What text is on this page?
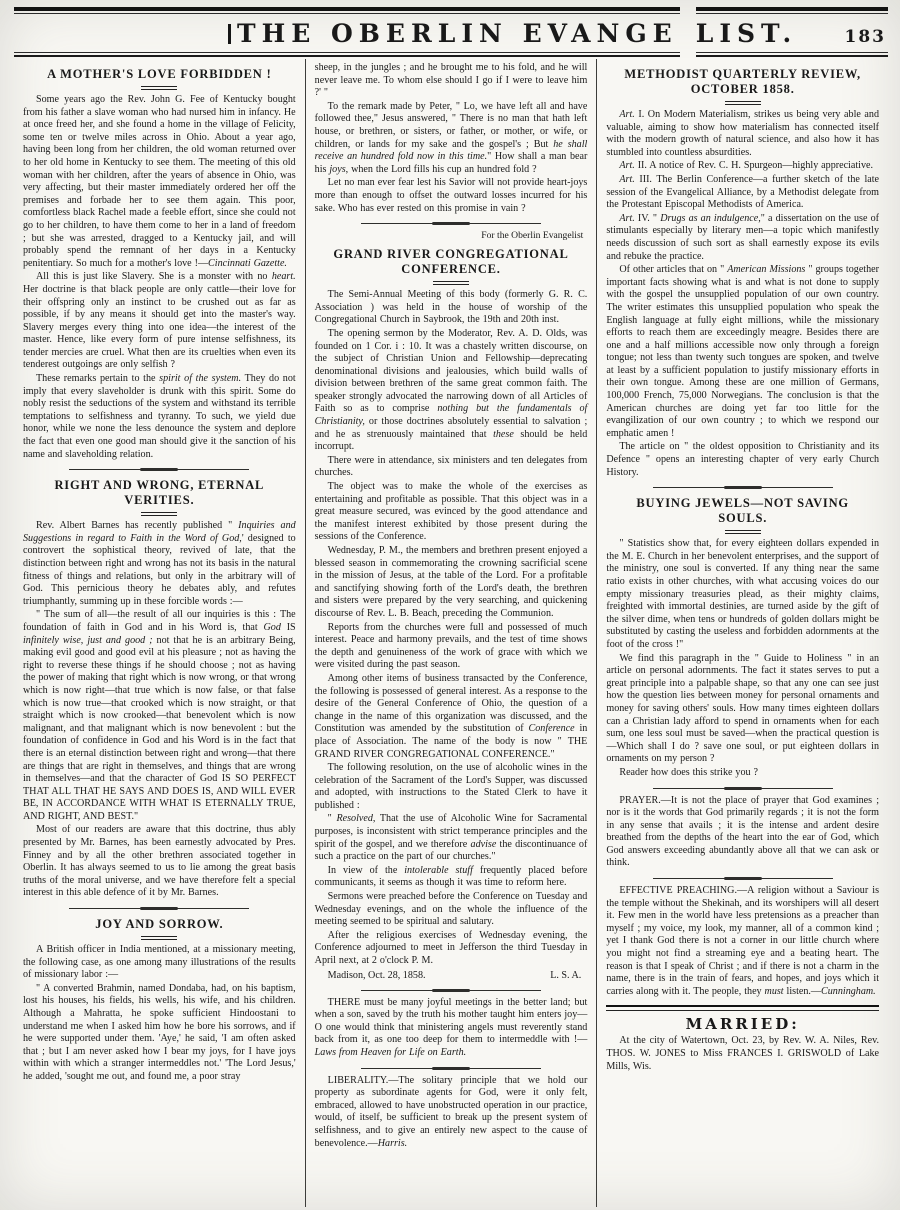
THE OBERLIN EVANGE LIST.	183
A MOTHER'S LOVE FORBIDDEN !

Some years ago the Rev. John G. Fee of Kentucky bought from his father a slave woman who had nursed him in infancy. He at once freed her, and she found a home in the village of Felicity, some ten or twelve miles across in Ohio. About a year ago, having been long from her children, the old woman returned over to her old home in Kentucky to see them. The meeting of this old woman with her children, after the years of absence in Ohio, was very affecting, but their master immediately ordered her off the premises and forbade her to see them again. This poor, comfortless black Rachel made a feeble effort, since she could not go to her children, to have them come to her in a land of freedom ; but she was arrested, dragged to a Kentucky jail, and will probably spend the remnant of her days in a Kentucky penitentiary. So much for a mother's love !—Cincinnati Gazette.

All this is just like Slavery. She is a monster with no heart. Her doctrine is that black people are only cattle—their love for their offspring only an instinct to be crushed out as far as possible, if by any means it should get into the master's way. Slavery merges every thing into one idea—the interest of the master. Hence, like every form of pure intense selfishness, its tender mercies are cruel. What then are its cruelties when even its tenderest outgoings are only selfish ?

These remarks pertain to the spirit of the system. They do not imply that every slaveholder is drunk with this spirit. Some do nobly resist the seductions of the system and withstand its terrible temptations to selfishness and tyranny. To such, we yield due honor, while we none the less denounce the system and deplore the fact that even one good man should give it the sanction of his name and slaveholding relation.

RIGHT AND WRONG, ETERNAL VERITIES.

Rev. Albert Barnes has recently published " Inquiries and Suggestions in regard to Faith in the Word of God,' designed to controvert the sophistical theory, revived of late, that the distinction between right and wrong has not its basis in the natural fitness of things and relations, but only in the arbitrary will of God. This pernicious theory he debates ably, and refutes triumphantly, summing up in these forcible words :—

" The sum of all—the result of all our inquiries is this : The foundation of faith in God and in his Word is, that God IS infinitely wise, just and good ; not that he is an arbitrary Being, making evil good and good evil at his pleasure ; not as having the right to reverse these things if he should choose ; not as having the power of making that right which is now wrong, or that wrong which is now right—that true which is now false, or that false which is now true—that crooked which is now straight, or that straight which is now crooked—that benevolent which is now malignant, and that malignant which is now benevolent : but the foundation of confidence in God and his Word is in the fact that there is an eternal distinction between right and wrong—that there are things that are right in themselves, and things that are wrong in themselves—and that the character of God IS SO PERFECT THAT ALL THAT HE SAYS AND DOES IS, AND WILL EVER BE, IN ACCORDANCE WITH WHAT IS ETERNALLY TRUE, AND RIGHT, AND BEST."

Most of our readers are aware that this doctrine, thus ably presented by Mr. Barnes, has been earnestly advocated by Pres. Finney and by all the other brethren associated together in Oberlin. It has always seemed to us to lie among the great basis truths of the moral universe, and we have therefore felt a special interest in this able defence of it by Mr. Barnes.

JOY AND SORROW.

A British officer in India mentioned, at a missionary meeting, the following case, as one among many illustrations of the results of missionary labor :—

" A converted Brahmin, named Dondaba, had, on his baptism, lost his houses, his fields, his wells, his wife, and his children. Although a Mahratta, he spoke sufficient Hindoostani to understand me when I asked him how he bore his sorrows, and if he were supported under them. 'Aye,' he said, 'I am often asked that ; but I am never asked how I bear my joys, for I have joys within with which a stranger intermeddles not.' 'The Lord Jesus,' he added, 'sought me out, and found me, a poor stray

sheep, in the jungles ; and he brought me to his fold, and he will never leave me. To whom else should I go if I were to leave him ?' "

To the remark made by Peter, " Lo, we have left all and have followed thee," Jesus answered, " There is no man that hath left house, or brethren, or sisters, or father, or mother, or wife, or children, or lands for my sake and the gospel's ; But he shall receive an hundred fold now in this time." How shall a man bear his joys, when the Lord fills his cup an hundred fold ?

Let no man ever fear lest his Savior will not provide heart-joys more than enough to offset the outward losses incurred for his sake. Who has ever rested on this promise in vain ?

For the Oberlin Evangelist
GRAND RIVER CONGREGATIONAL CONFERENCE.

The Semi-Annual Meeting of this body (formerly G. R. C. Association ) was held in the house of worship of the Congregational Church in Saybrook, the 19th and 20th inst.

The opening sermon by the Moderator, Rev. A. D. Olds, was founded on 1 Cor. i : 10. It was a chastely written discourse, on the subject of Christian Union and Fellowship—deprecating denominational divisions and jealousies, which build walls of division between brethren of the same great common faith. The speaker strongly advocated the narrowing down of all Articles of Faith so as to comprise nothing but the fundamentals of Christianity, or those doctrines absolutely essential to salvation ; and he as strenuously maintained that these should be held incorrupt.

There were in attendance, six ministers and ten delegates from churches.

The object was to make the whole of the exercises as entertaining and profitable as possible. That this object was in a great measure secured, was evinced by the good attendance and the manifest interest exhibited by those present during the sessions of the Conference.

Wednesday, P. M., the members and brethren present enjoyed a blessed season in commemorating the crowning sacrificial scene in the mission of Jesus, at the table of the Lord. For a profitable and sanctifying showing forth of the Lord's death, the brethren and sisters were prepared by the very searching, and quickening discourse of Rev. L. B. Beach, preceding the Communion.

Reports from the churches were full and possessed of much interest. Peace and harmony prevails, and the test of time shows the depth and genuineness of the work of grace with which we were visited during the past season.

Among other items of business transacted by the Conference, the following is possessed of general interest. As a response to the desire of the General Conference of Ohio, the question of a change in the name of this organization was discussed, and the Constitution was amended by the substitution of Conference in place of Association. The name of the body is now " THE GRAND RIVER CONGREGATIONAL CONFERENCE."

The following resolution, on the use of alcoholic wines in the celebration of the Sacrament of the Lord's Supper, was discussed and adopted, with instructions to the Stated Clerk to have it published :

" Resolved, That the use of Alcoholic Wine for Sacramental purposes, is inconsistent with strict temperance principles and the spirit of the gospel, and we therefore advise the discontinuance of such a practice on the part of our churches."

In view of the intolerable stuff frequently placed before communicants, it seems as though it was time to reform here.

Sermons were preached before the Conference on Tuesday and Wednesday evenings, and on the whole the influence of the meeting seemed to be spiritual and salutary.

After the religious exercises of Wednesday evening, the Conference adjourned to meet in Jefferson the third Tuesday in April next, at 2 o'clock P. M.

Madison, Oct. 28, 1858.	L. S. A.

THERE must be many joyful meetings in the better land; but when a son, saved by the truth his mother taught him enters joy—O one would think that ministering angels must reverently stand back from it, as one too deep for them to intermeddle with !—Laws from Heaven for Life on Earth.

LIBERALITY.—The solitary principle that we hold our property as subordinate agents for God, were it only felt, embraced, allowed to have unobstructed operation in our practice, would, of itself, be sufficient to break up the present system of selfishness, and to give an entirely new aspect to the cause of benevolence.—Harris.

METHODIST QUARTERLY REVIEW, OCTOBER 1858.

Art. I. On Modern Materialism, strikes us being very able and valuable, aiming to show how materialism has connected itself with the modern growth of natural science, and also how it has stumbled into countless absurdities.

Art. II. A notice of Rev. C. H. Spurgeon—highly appreciative.

Art. III. The Berlin Conference—a further sketch of the late session of the Evangelical Alliance, by a Methodist delegate from the Protestant Episcopal Methodists of America.

Art. IV. " Drugs as an indulgence," a dissertation on the use of stimulants especially by literary men—a topic which manifestly needs discussion of such sort as shall earnestly expose its evils and rebuke the practice.

Of other articles that on " American Missions " groups together important facts showing what is and what is not done to supply with the gospel the unsupplied population of our own country. The writer estimates this unsupplied population who speak the English language at fully eight millions, while the missionary efforts to reach them are exceedingly meagre. Besides there are one and a half millions accessible now only through a foreign tongue; not less than twenty such tongues are spoken, and twelve at least by a sufficient population to justify missionary efforts in their own tongue. Among these are one million of Germans, 100,000 French, 75,000 Norwegians. The conclusion is that the American churches are doing yet far too little for the evangilization of our own country ; to which we respond our emphatic amen !

The article on " the oldest opposition to Christianity and its Defence " opens an interesting chapter of very early Church History.

BUYING JEWELS—NOT SAVING SOULS.

" Statistics show that, for every eighteen dollars expended in the M. E. Church in her benevolent enterprises, and the support of the ministry, one soul is converted. If any thing near the same ratio exists in other churches, with what accusing voices do our empty missionary treasuries plead, as their mighty claims, freighted with immortal destinies, are turned aside by the gift of the silver dime, when tens or hundreds of golden dollars might be substituted by casting the useless and forbidden adornments at the foot of the cross !"

We find this paragraph in the " Guide to Holiness " in an article on personal adornments. The fact it states serves to put a great principle into a palpable shape, so that any one can see just how the question lies between money for personal ornaments and money for saving others' souls. How many times eighteen dollars can a Christian lady afford to spend in ornaments when for each sum, one less soul must be saved—when the practical question is—Which shall I do ? save one soul, or put eighteen dollars in ornaments on my person ?

Reader how does this strike you ?

PRAYER.—It is not the place of prayer that God examines ; nor is it the words that God primarily regards ; it is not the form in any sense that avails ; it is the intense and ardent desire breathed from the depths of the heart into the ear of God, which God answers exceeding abundantly above all that we can ask or think.

EFFECTIVE PREACHING.—A religion without a Saviour is the temple without the Shekinah, and its worshipers will all desert it. Few men in the world have less pretensions as a preacher than myself ; my voice, my look, my manner, all of a common kind ; yet I thank God there is not a corner in our little church where you might not find a streaming eye and a beating heart. The reason is that I speak of Christ ; and if there is not a charm in the name, there is in the train of fears, and hopes, and joys which it carries along with it. The people, they must listen.—Cunningham.

MARRIED:

At the city of Watertown, Oct. 23, by Rev. W. A. Niles, Rev. THOS. W. JONES to Miss FRANCES I. GRISWOLD of Lake Mills, Wis.
